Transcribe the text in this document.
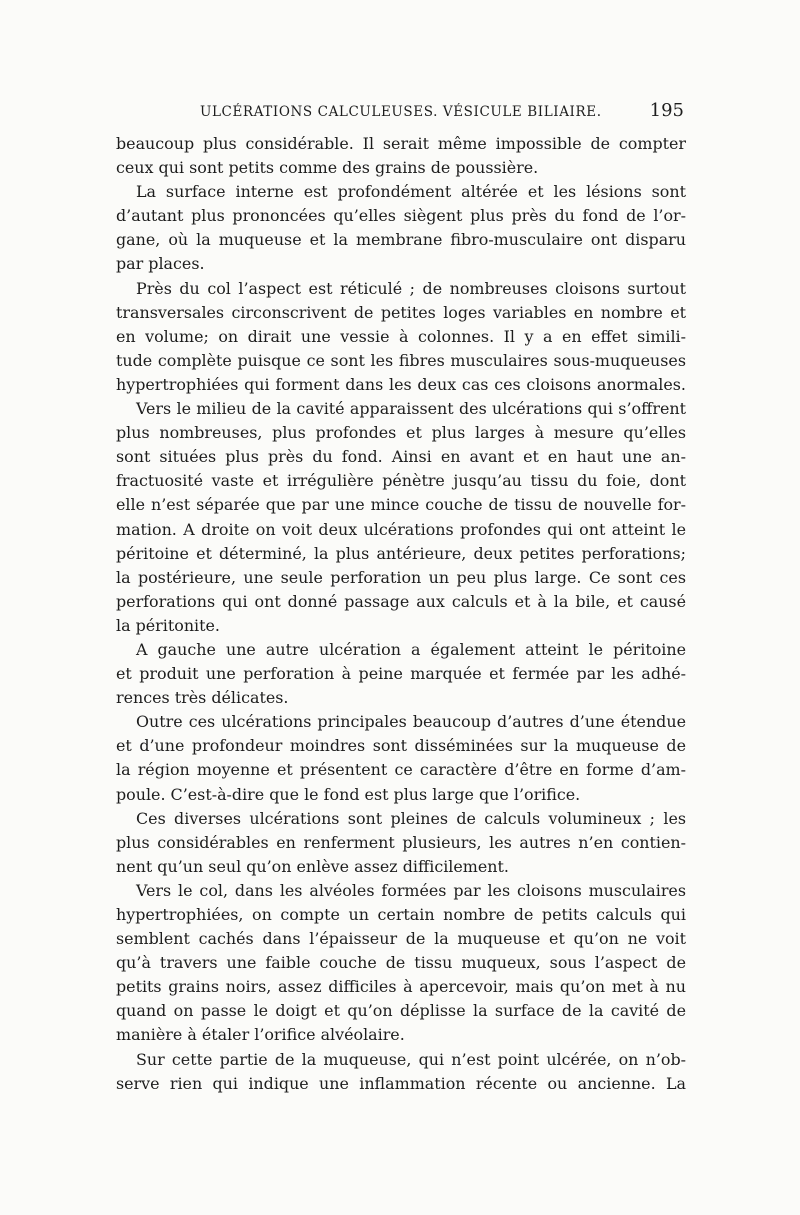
ULCÉRATIONS CALCULEUSES. VÉSICULE BILIAIRE.	195
beaucoup plus considérable. Il serait même impossible de compter
ceux qui sont petits comme des grains de poussière.
La surface interne est profondément altérée et les lésions sont
d’autant plus prononcées qu’elles siègent plus près du fond de l’or-
gane, où la muqueuse et la membrane fibro-musculaire ont disparu
par places.
Près du col l’aspect est réticulé ; de nombreuses cloisons surtout
transversales circonscrivent de petites loges variables en nombre et
en volume; on dirait une vessie à colonnes. Il y a en effet simili-
tude complète puisque ce sont les fibres musculaires sous-muqueuses
hypertrophiées qui forment dans les deux cas ces cloisons anormales.
Vers le milieu de la cavité apparaissent des ulcérations qui s’offrent
plus nombreuses, plus profondes et plus larges à mesure qu’elles
sont situées plus près du fond. Ainsi en avant et en haut une an-
fractuosité vaste et irrégulière pénètre jusqu’au tissu du foie, dont
elle n’est séparée que par une mince couche de tissu de nouvelle for-
mation. A droite on voit deux ulcérations profondes qui ont atteint le
péritoine et déterminé, la plus antérieure, deux petites perforations;
la postérieure, une seule perforation un peu plus large. Ce sont ces
perforations qui ont donné passage aux calculs et à la bile, et causé
la péritonite.
A gauche une autre ulcération a également atteint le péritoine
et produit une perforation à peine marquée et fermée par les adhé-
rences très délicates.
Outre ces ulcérations principales beaucoup d’autres d’une étendue
et d’une profondeur moindres sont disséminées sur la muqueuse de
la région moyenne et présentent ce caractère d’être en forme d’am-
poule. C’est-à-dire que le fond est plus large que l’orifice.
Ces diverses ulcérations sont pleines de calculs volumineux ; les
plus considérables en renferment plusieurs, les autres n’en contien-
nent qu’un seul qu’on enlève assez difficilement.
Vers le col, dans les alvéoles formées par les cloisons musculaires
hypertrophiées, on compte un certain nombre de petits calculs qui
semblent cachés dans l’épaisseur de la muqueuse et qu’on ne voit
qu’à travers une faible couche de tissu muqueux, sous l’aspect de
petits grains noirs, assez difficiles à apercevoir, mais qu’on met à nu
quand on passe le doigt et qu’on déplisse la surface de la cavité de
manière à étaler l’orifice alvéolaire.
Sur cette partie de la muqueuse, qui n’est point ulcérée, on n’ob-
serve rien qui indique une inflammation récente ou ancienne. La
